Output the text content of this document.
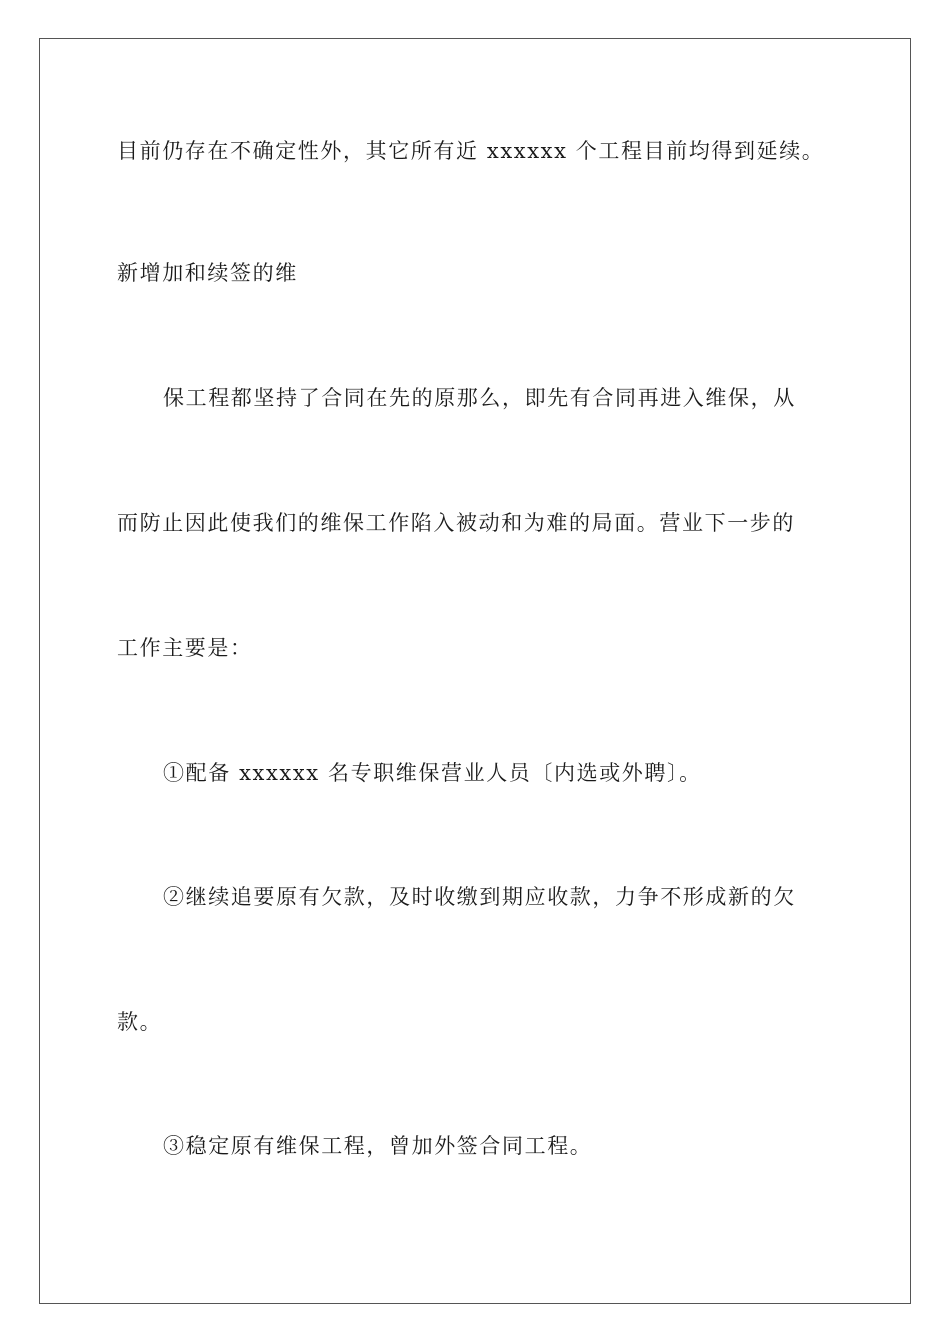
目前仍存在不确定性外，其它所有近 xxxxxx 个工程目前均得到延续。
新增加和续签的维
保工程都坚持了合同在先的原那么，即先有合同再进入维保，从
而防止因此使我们的维保工作陷入被动和为难的局面。营业下一步的
工作主要是：
①配备 xxxxxx 名专职维保营业人员〔内选或外聘〕。
②继续追要原有欠款，及时收缴到期应收款，力争不形成新的欠
款。
③稳定原有维保工程，曾加外签合同工程。
